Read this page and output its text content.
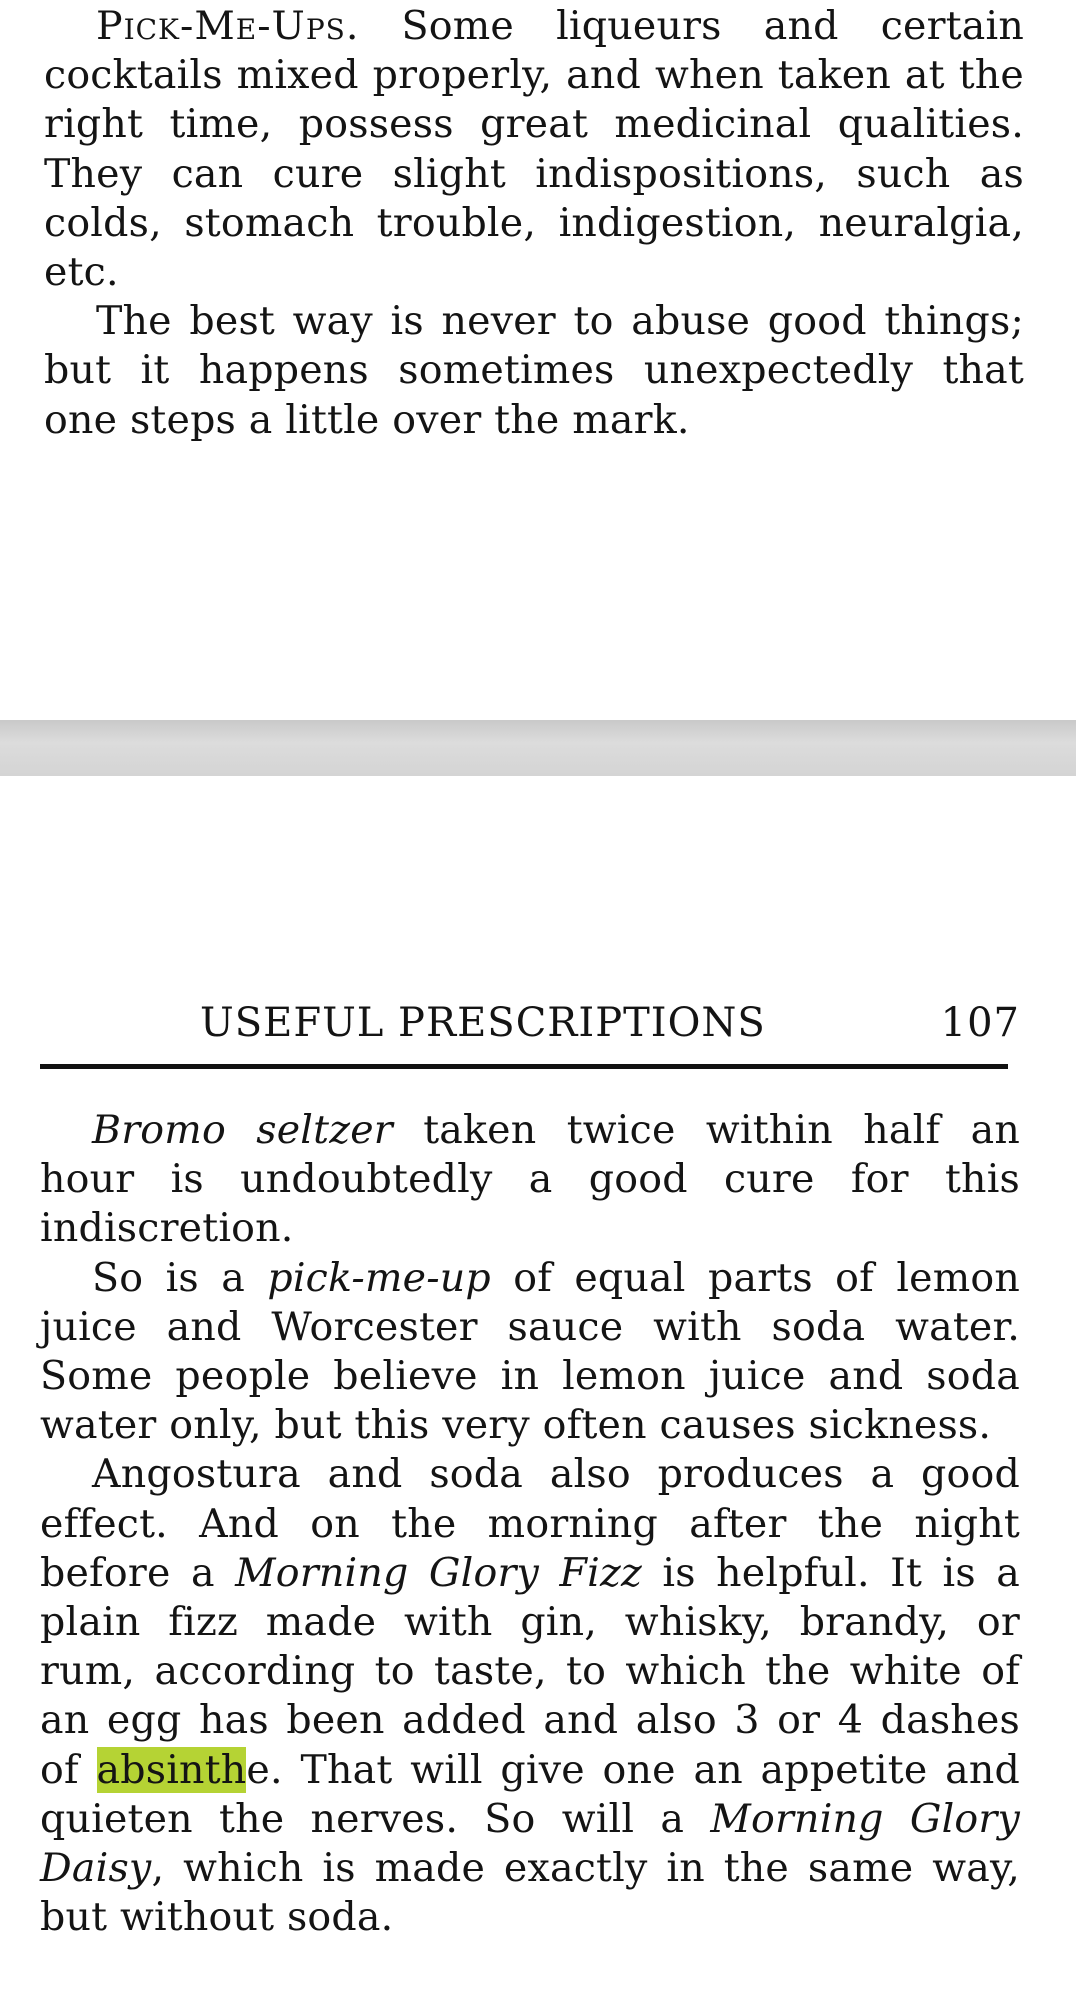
Pick-Me-Ups. Some liqueurs and certain cocktails mixed properly, and when taken at the right time, possess great medicinal qualities. They can cure slight indispositions, such as colds, stomach trouble, indigestion, neuralgia, etc.

The best way is never to abuse good things; but it happens sometimes unexpectedly that one steps a little over the mark.

USEFUL PRESCRIPTIONS	107

Bromo seltzer taken twice within half an hour is undoubtedly a good cure for this indiscretion.

So is a pick-me-up of equal parts of lemon juice and Worcester sauce with soda water. Some people believe in lemon juice and soda water only, but this very often causes sickness.

Angostura and soda also produces a good effect. And on the morning after the night before a Morning Glory Fizz is helpful. It is a plain fizz made with gin, whisky, brandy, or rum, according to taste, to which the white of an egg has been added and also 3 or 4 dashes of absinthe. That will give one an appetite and quieten the nerves. So will a Morning Glory Daisy, which is made exactly in the same way, but without soda.
